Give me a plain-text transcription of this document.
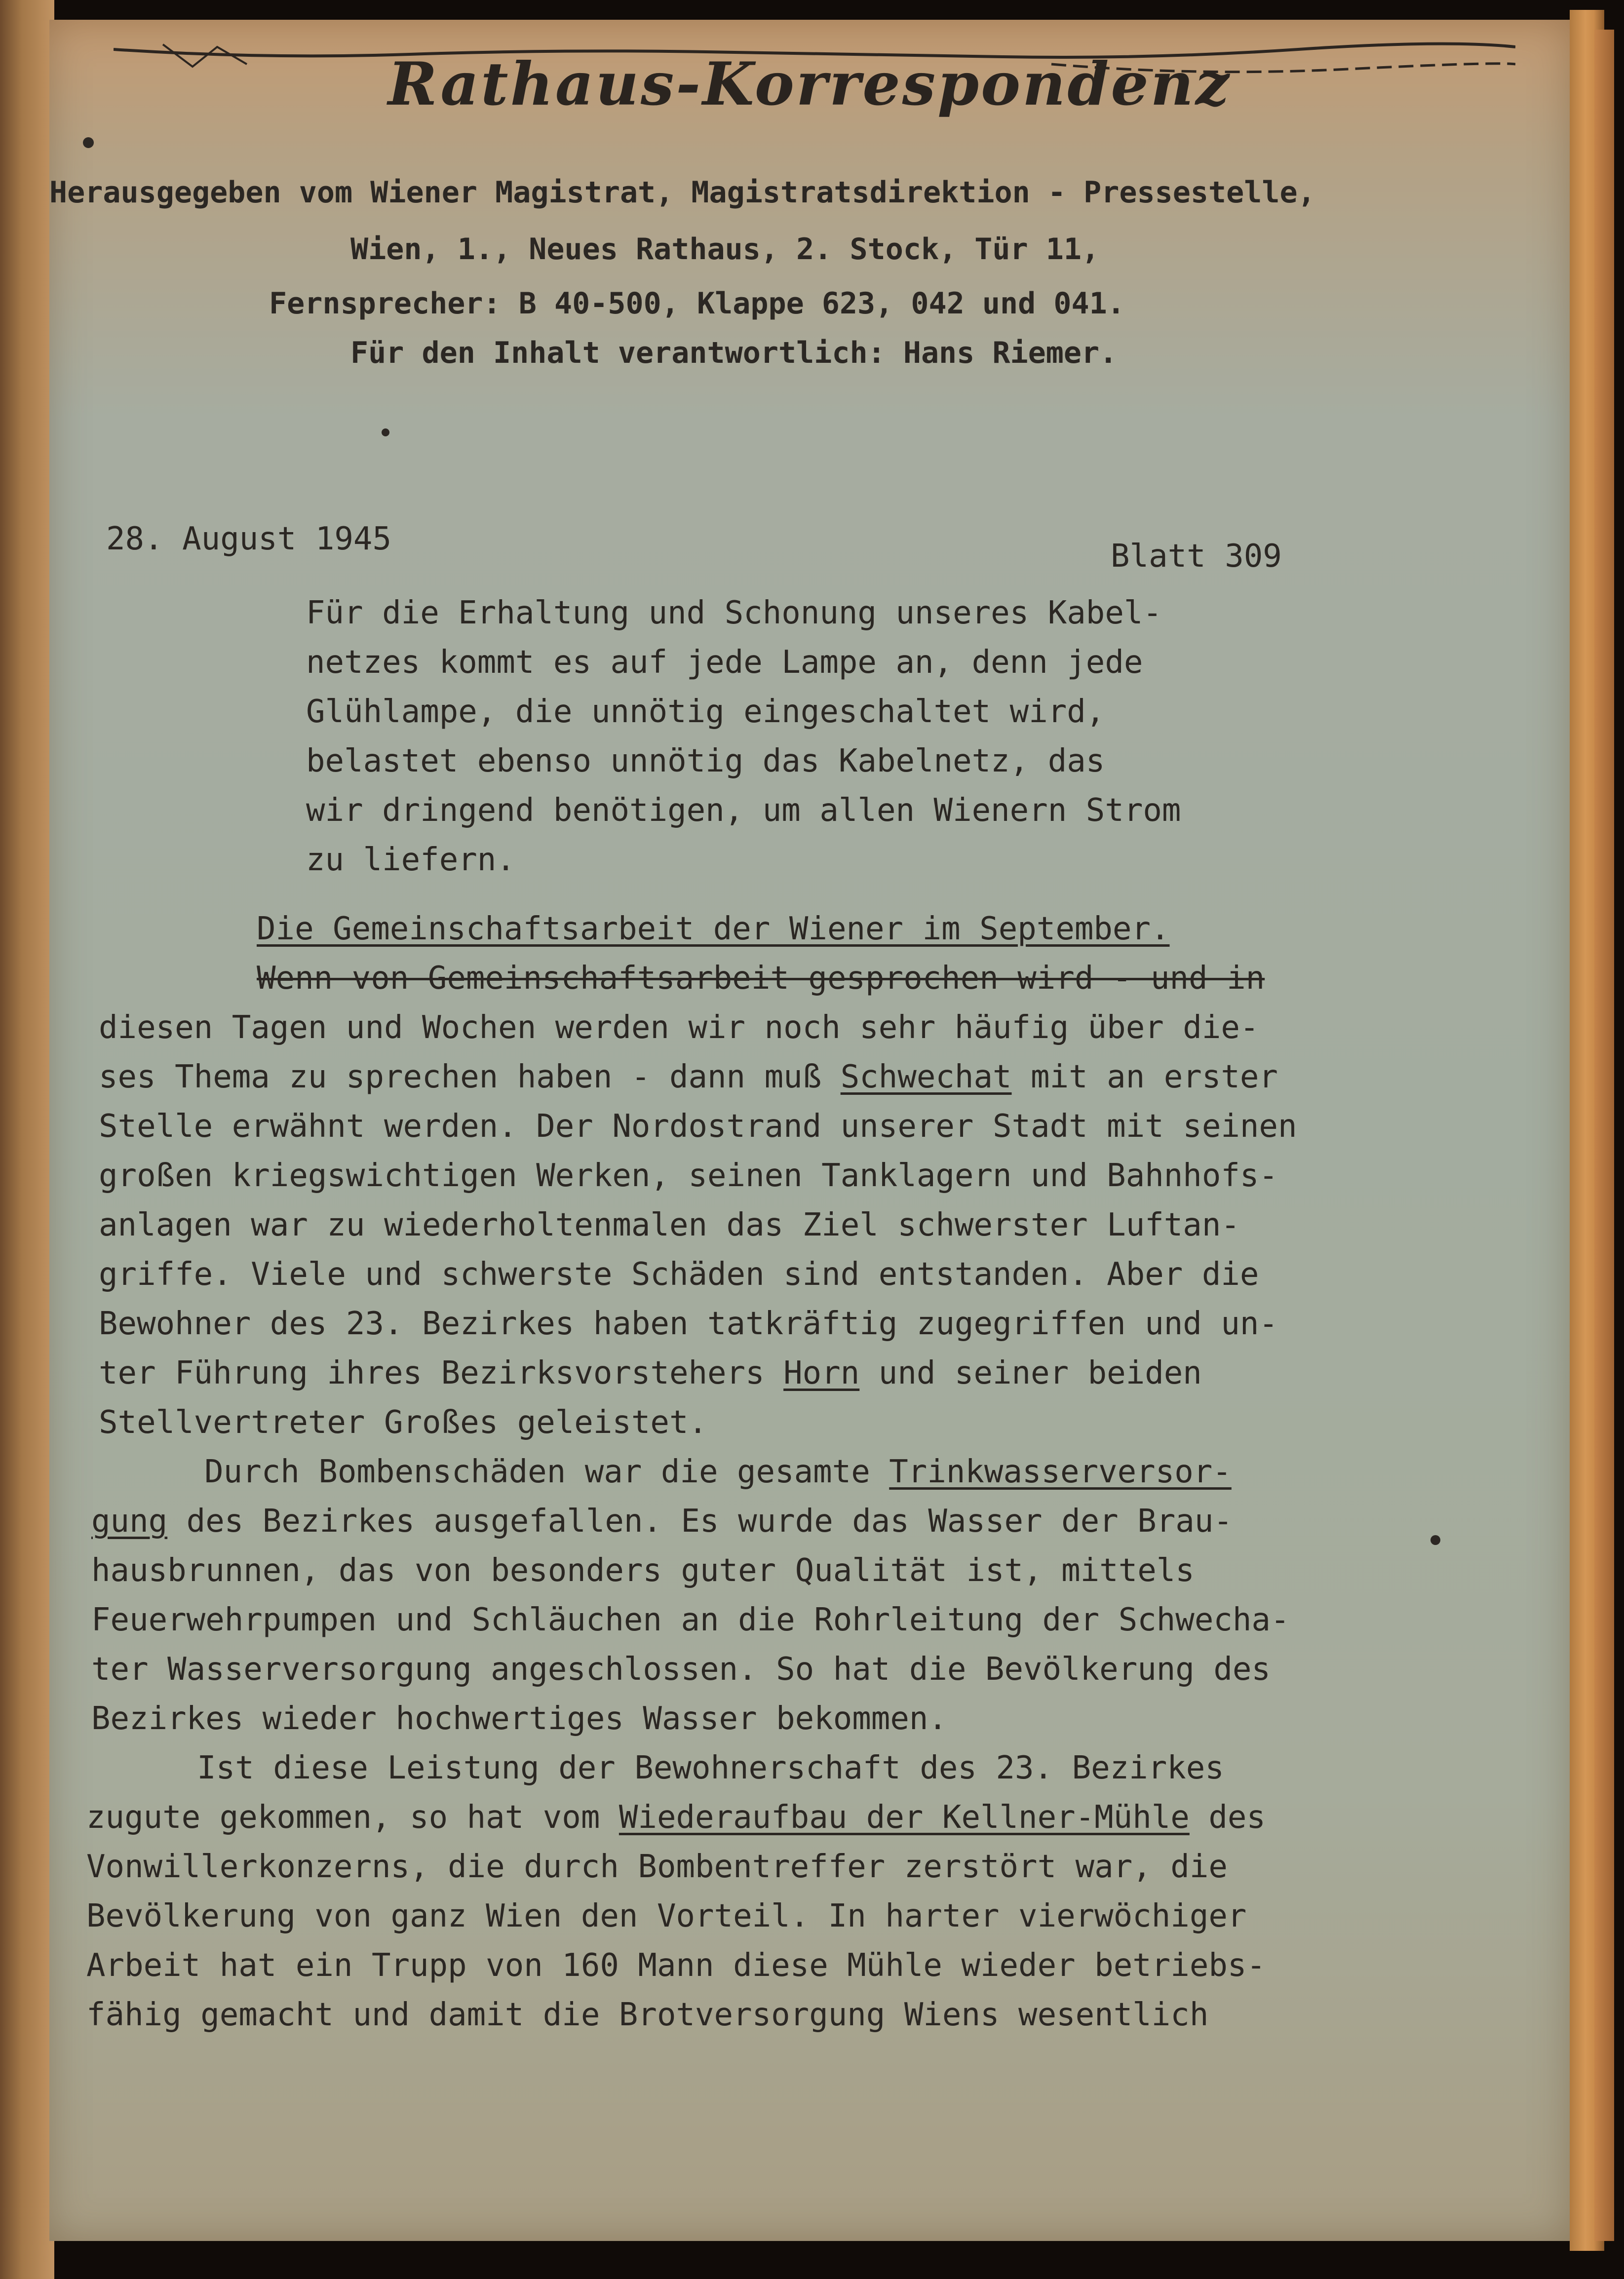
Rathaus-Korrespondenz
Herausgegeben vom Wiener Magistrat, Magistratsdirektion - Pressestelle,
Wien, 1., Neues Rathaus, 2. Stock, Tür 11,
Fernsprecher: B 40-500, Klappe 623, 042 und 041.
Für den Inhalt verantwortlich: Hans Riemer.
28. August 1945	Blatt 309
Für die Erhaltung und Schonung unseres Kabel-
netzes kommt es auf jede Lampe an, denn jede
Glühlampe, die unnötig eingeschaltet wird,
belastet ebenso unnötig das Kabelnetz, das
wir dringend benötigen, um allen Wienern Strom
zu liefern.
Die Gemeinschaftsarbeit der Wiener im September.
Wenn von Gemeinschaftsarbeit gesprochen wird - und in
diesen Tagen und Wochen werden wir noch sehr häufig über die-
ses Thema zu sprechen haben - dann muß Schwechat mit an erster
Stelle erwähnt werden. Der Nordostrand unserer Stadt mit seinen
großen kriegswichtigen Werken, seinen Tanklagern und Bahnhofs-
anlagen war zu wiederholtenmalen das Ziel schwerster Luftan-
griffe. Viele und schwerste Schäden sind entstanden. Aber die
Bewohner des 23. Bezirkes haben tatkräftig zugegriffen und un-
ter Führung ihres Bezirksvorstehers Horn und seiner beiden
Stellvertreter Großes geleistet.
Durch Bombenschäden war die gesamte Trinkwasserversor-
gung des Bezirkes ausgefallen. Es wurde das Wasser der Brau-
hausbrunnen, das von besonders guter Qualität ist, mittels
Feuerwehrpumpen und Schläuchen an die Rohrleitung der Schwecha-
ter Wasserversorgung angeschlossen. So hat die Bevölkerung des
Bezirkes wieder hochwertiges Wasser bekommen.
Ist diese Leistung der Bewohnerschaft des 23. Bezirkes
zugute gekommen, so hat vom Wiederaufbau der Kellner-Mühle des
Vonwillerkonzerns, die durch Bombentreffer zerstört war, die
Bevölkerung von ganz Wien den Vorteil. In harter vierwöchiger
Arbeit hat ein Trupp von 160 Mann diese Mühle wieder betriebs-
fähig gemacht und damit die Brotversorgung Wiens wesentlich
